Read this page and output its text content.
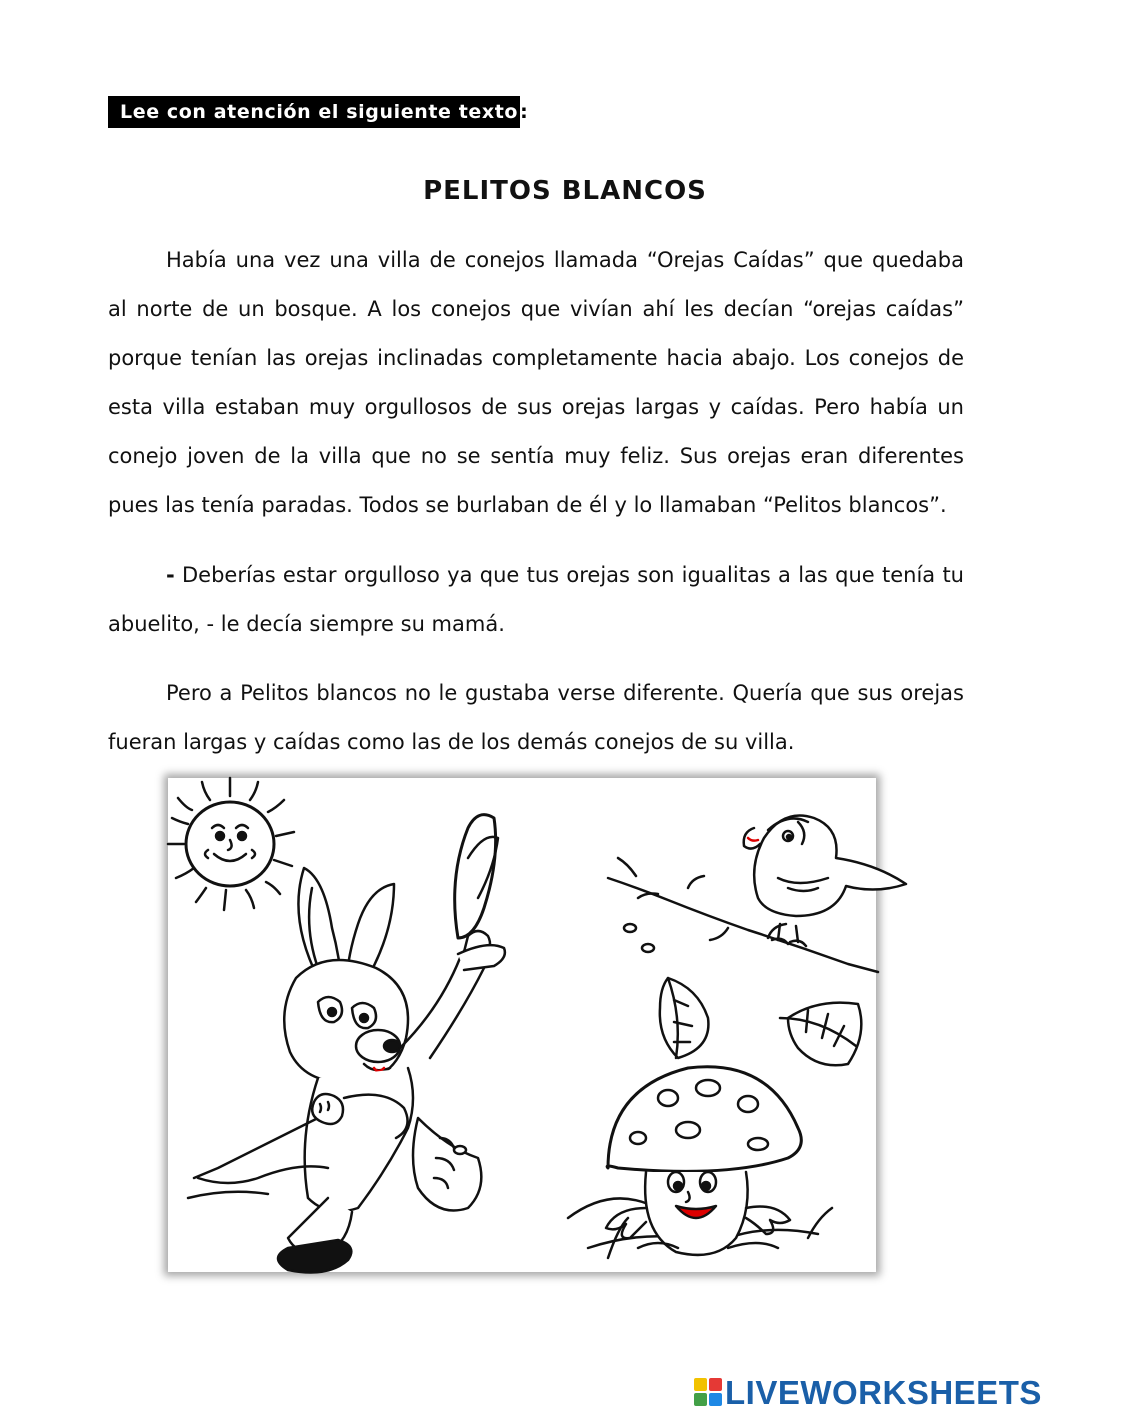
Lee con atención el siguiente texto :
PELITOS BLANCOS

Había una vez una villa de conejos llamada “Orejas Caídas” que quedaba al norte de un bosque. A los conejos que vivían ahí les decían “orejas caídas” porque tenían las orejas inclinadas completamente hacia abajo. Los conejos de esta villa estaban muy orgullosos de sus orejas largas y caídas. Pero había un conejo joven de la villa que no se sentía muy feliz. Sus orejas eran diferentes pues las tenía paradas. Todos se burlaban de él y lo llamaban “Pelitos blancos”.

- Deberías estar orgulloso ya que tus orejas son igualitas a las que tenía tu abuelito, - le decía siempre su mamá.

Pero a Pelitos blancos no le gustaba verse diferente. Quería que sus orejas fueran largas y caídas como las de los demás conejos de su villa.

LIVEWORKSHEETS
